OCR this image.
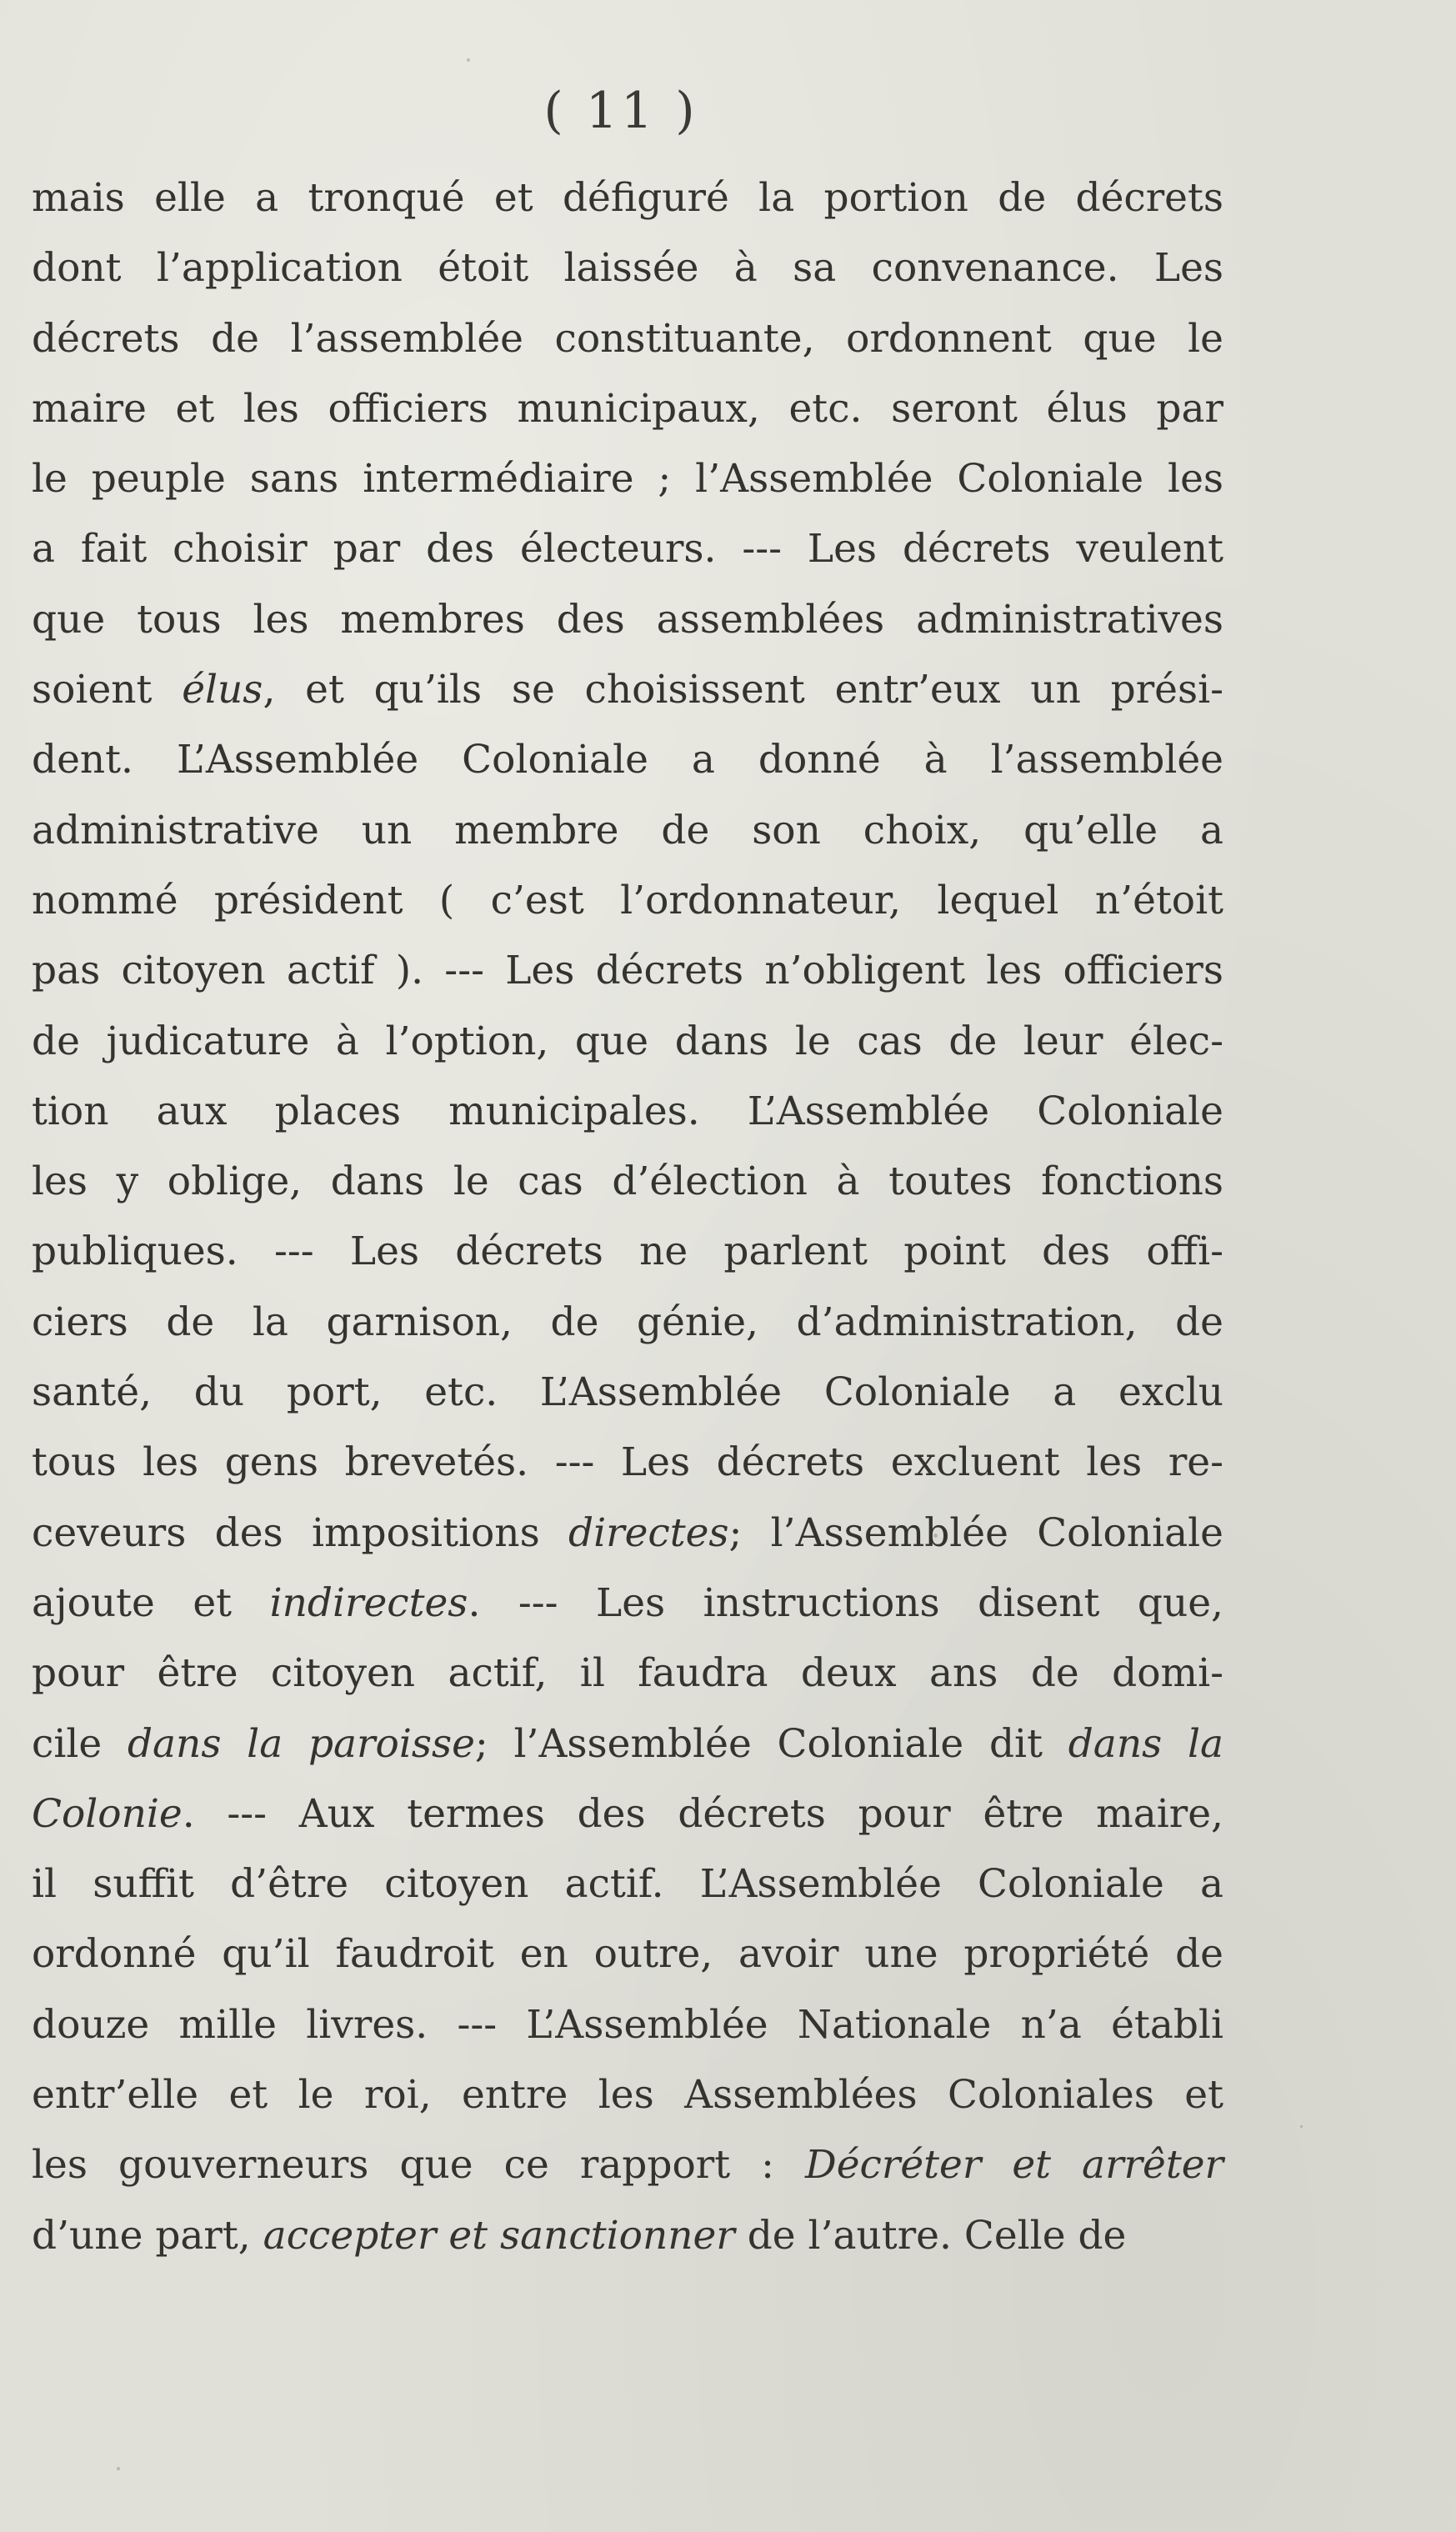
( 11 )
mais elle a tronqué et défiguré la portion de décrets
dont l’application étoit laissée à sa convenance. Les
décrets de l’assemblée constituante, ordonnent que le
maire et les officiers municipaux, etc. seront élus par
le peuple sans intermédiaire ; l’Assemblée Coloniale les
a fait choisir par des électeurs. --- Les décrets veulent
que tous les membres des assemblées administratives
soient élus, et qu’ils se choisissent entr’eux un prési-
dent. L’Assemblée Coloniale a donné à l’assemblée
administrative un membre de son choix, qu’elle a
nommé président ( c’est l’ordonnateur, lequel n’étoit
pas citoyen actif ). --- Les décrets n’obligent les officiers
de judicature à l’option, que dans le cas de leur élec-
tion aux places municipales. L’Assemblée Coloniale
les y oblige, dans le cas d’élection à toutes fonctions
publiques. --- Les décrets ne parlent point des offi-
ciers de la garnison, de génie, d’administration, de
santé, du port, etc. L’Assemblée Coloniale a exclu
tous les gens brevetés. --- Les décrets excluent les re-
ceveurs des impositions directes; l’Assemblée Coloniale
ajoute et indirectes. --- Les instructions disent que,
pour être citoyen actif, il faudra deux ans de domi-
cile dans la paroisse; l’Assemblée Coloniale dit dans la
Colonie. --- Aux termes des décrets pour être maire,
il suffit d’être citoyen actif. L’Assemblée Coloniale a
ordonné qu’il faudroit en outre, avoir une propriété de
douze mille livres. --- L’Assemblée Nationale n’a établi
entr’elle et le roi, entre les Assemblées Coloniales et
les gouverneurs que ce rapport : Décréter et arrêter
d’une part, accepter et sanctionner de l’autre. Celle de
